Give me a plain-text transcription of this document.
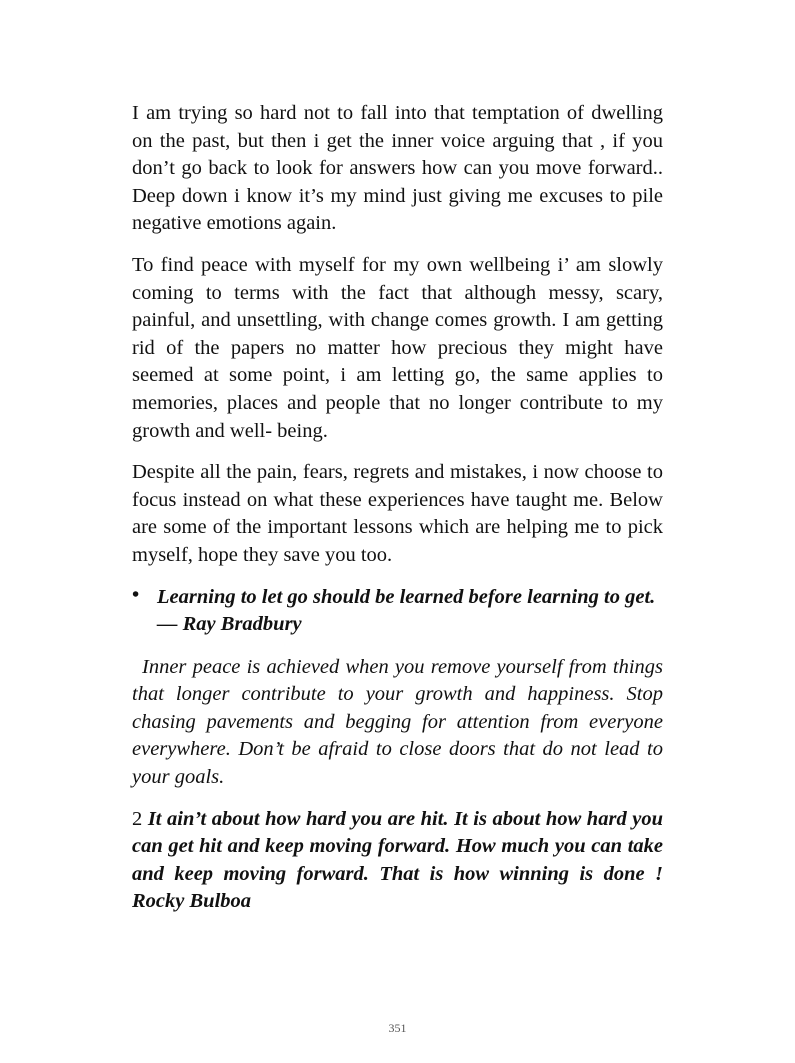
I am trying so hard not to fall into that temptation of dwelling on the past, but then i get the inner voice arguing that , if you don’t go back to look for answers how can you move forward.. Deep down i know it’s my mind just giving me excuses to pile negative emotions again.

To find peace with myself for my own wellbeing i’ am slowly coming to terms with the fact that although messy, scary, painful, and unsettling, with change comes growth. I am getting rid of the papers no matter how precious they might have seemed at some point, i am letting go, the same applies to memories, places and people that no longer contribute to my growth and well- being.

Despite all the pain, fears, regrets and mistakes, i now choose to focus instead on what these experiences have taught me. Below are some of the important lessons which are helping me to pick myself, hope they save you too.

• Learning to let go should be learned before learning to get. — Ray Bradbury

Inner peace is achieved when you remove yourself from things that longer contribute to your growth and happiness. Stop chasing pavements and begging for attention from everyone everywhere. Don’t be afraid to close doors that do not lead to your goals.

2 It ain’t about how hard you are hit. It is about how hard you can get hit and keep moving forward. How much you can take and keep moving forward. That is how winning is done ! Rocky Bulboa

351
